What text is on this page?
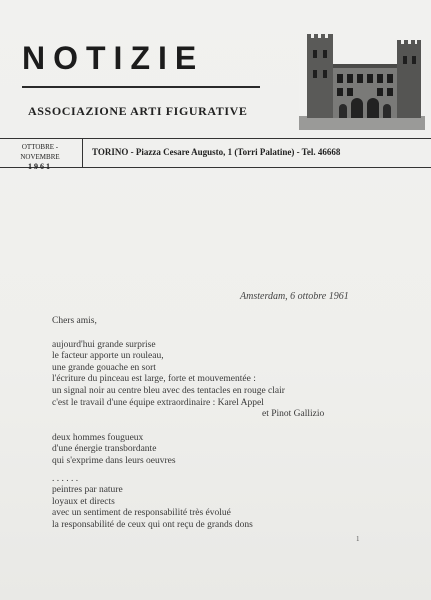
NOTIZIE
ASSOCIAZIONE ARTI FIGURATIVE
OTTOBRE - NOVEMBRE
1961
TORINO - Piazza Cesare Augusto, 1 (Torri Palatine) - Tel. 46668
Amsterdam, 6 ottobre 1961
Chers amis,
aujourd'hui grande surprise
le facteur apporte un rouleau,
une grande gouache en sort
l'écriture du pinceau est large, forte et mouvementée :
un signal noir au centre bleu avec des tentacles en rouge clair
c'est le travail d'une équipe extraordinaire : Karel Appel
et Pinot Gallizio
deux hommes fougueux
d'une énergie transbordante
qui s'exprime dans leurs oeuvres
. . . . . .
peintres par nature
loyaux et directs
avec un sentiment de responsabilité très évolué
la responsabilité de ceux qui ont reçu de grands dons
1
